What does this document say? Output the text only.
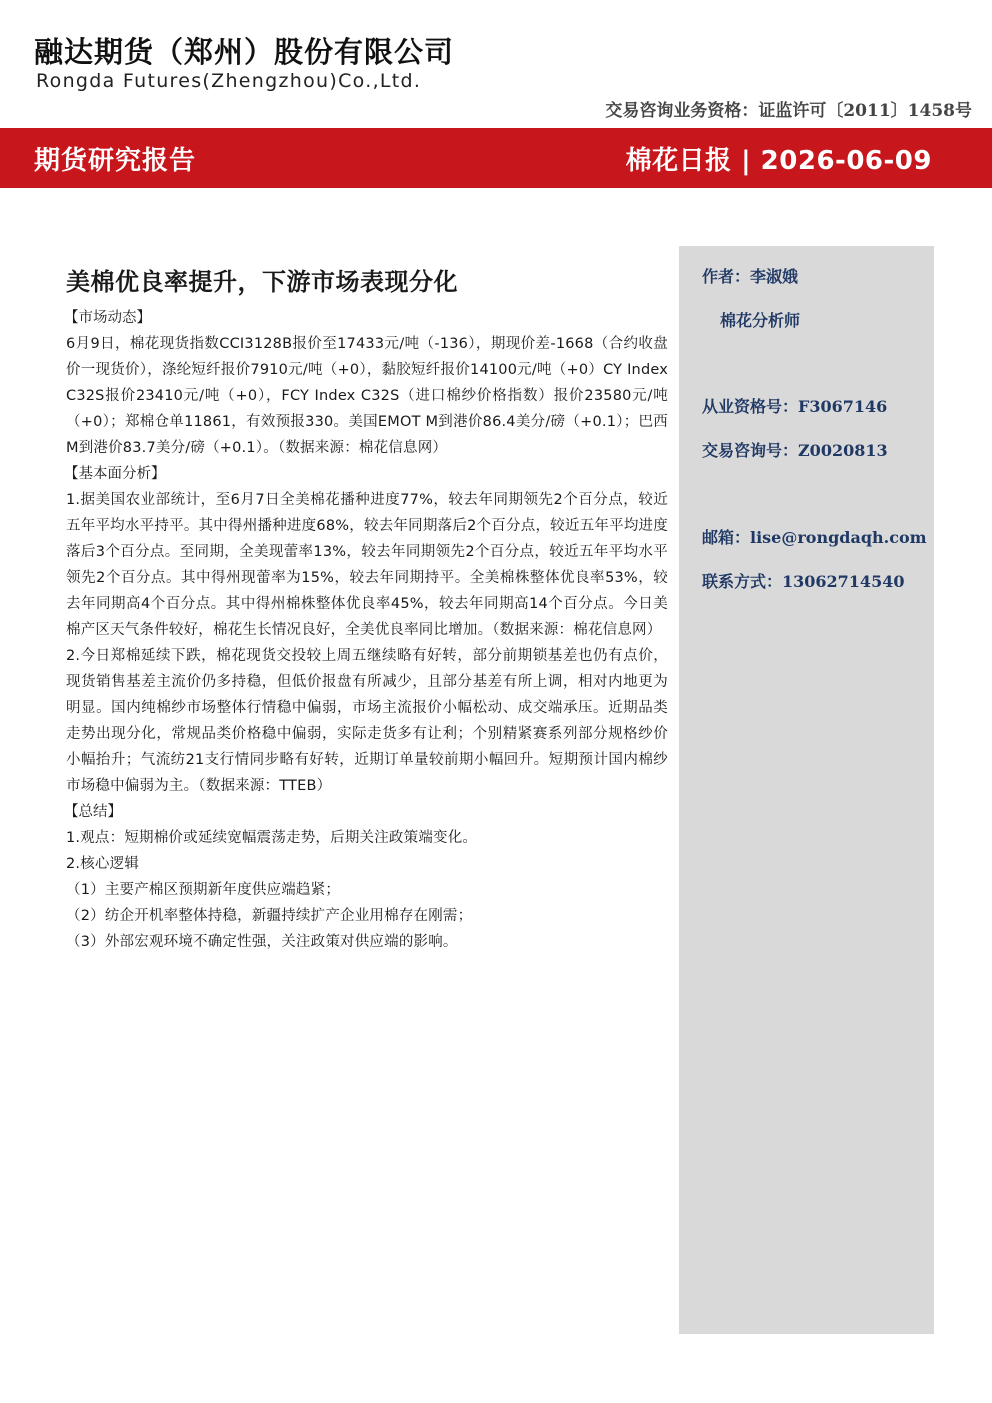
融达期货（郑州）股份有限公司
Rongda Futures(Zhengzhou)Co.,Ltd.
交易咨询业务资格：证监许可〔2011〕1458号
期货研究报告	棉花日报 | 2026-06-09
作者：李淑娥
棉花分析师
从业资格号：F3067146
交易咨询号：Z0020813
邮箱：lise@rongdaqh.com
联系方式：13062714540
美棉优良率提升，下游市场表现分化
【市场动态】

6月9日，棉花现货指数CCI3128B报价至17433元/吨（-136），期现价差-1668（合约收盘价一现货价），涤纶短纤报价7910元/吨（+0），黏胶短纤报价14100元/吨（+0）CY Index C32S报价23410元/吨（+0），FCY Index C32S（进口棉纱价格指数）报价23580元/吨（+0）；郑棉仓单11861，有效预报330。美国EMOT M到港价86.4美分/磅（+0.1）；巴西M到港价83.7美分/磅（+0.1）。（数据来源：棉花信息网）

【基本面分析】

1.据美国农业部统计，至6月7日全美棉花播种进度77%，较去年同期领先2个百分点，较近五年平均水平持平。其中得州播种进度68%，较去年同期落后2个百分点，较近五年平均进度落后3个百分点。至同期，全美现蕾率13%，较去年同期领先2个百分点，较近五年平均水平领先2个百分点。其中得州现蕾率为15%，较去年同期持平。全美棉株整体优良率53%，较去年同期高4个百分点。其中得州棉株整体优良率45%，较去年同期高14个百分点。今日美棉产区天气条件较好，棉花生长情况良好，全美优良率同比增加。（数据来源：棉花信息网）

2.今日郑棉延续下跌，棉花现货交投较上周五继续略有好转，部分前期锁基差也仍有点价，现货销售基差主流价仍多持稳，但低价报盘有所减少，且部分基差有所上调，相对内地更为明显。国内纯棉纱市场整体行情稳中偏弱，市场主流报价小幅松动、成交端承压。近期品类走势出现分化，常规品类价格稳中偏弱，实际走货多有让利；个别精紧赛系列部分规格纱价小幅抬升；气流纺21支行情同步略有好转，近期订单量较前期小幅回升。短期预计国内棉纱市场稳中偏弱为主。（数据来源：TTEB）

【总结】

1.观点：短期棉价或延续宽幅震荡走势，后期关注政策端变化。

2.核心逻辑

（1）主要产棉区预期新年度供应端趋紧；

（2）纺企开机率整体持稳，新疆持续扩产企业用棉存在刚需；

（3）外部宏观环境不确定性强，关注政策对供应端的影响。
